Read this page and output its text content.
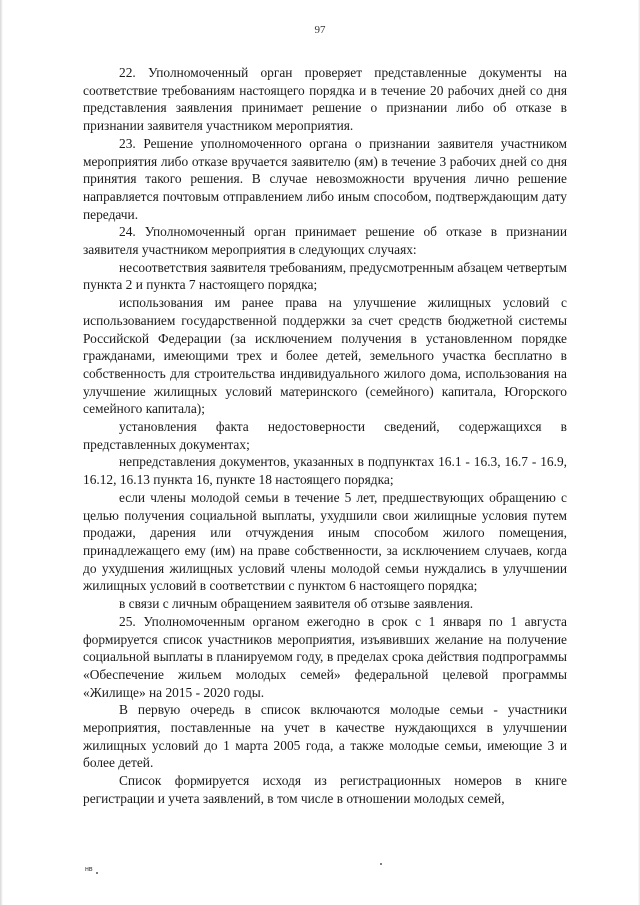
97

22. Уполномоченный орган проверяет представленные документы на соответствие требованиям настоящего порядка и в течение 20 рабочих дней со дня представления заявления принимает решение о признании либо об отказе в признании заявителя участником мероприятия.

23. Решение уполномоченного органа о признании заявителя участником мероприятия либо отказе вручается заявителю (ям) в течение 3 рабочих дней со дня принятия такого решения. В случае невозможности вручения лично решение направляется почтовым отправлением либо иным способом, подтверждающим дату передачи.

24. Уполномоченный орган принимает решение об отказе в признании заявителя участником мероприятия в следующих случаях:

несоответствия заявителя требованиям, предусмотренным абзацем четвертым пункта 2 и пункта 7 настоящего порядка;

использования им ранее права на улучшение жилищных условий с использованием государственной поддержки за счет средств бюджетной системы Российской Федерации (за исключением получения в установленном порядке гражданами, имеющими трех и более детей, земельного участка бесплатно в собственность для строительства индивидуального жилого дома, использования на улучшение жилищных условий материнского (семейного) капитала, Югорского семейного капитала);

установления факта недостоверности сведений, содержащихся в представленных документах;

непредставления документов, указанных в подпунктах 16.1 - 16.3, 16.7 - 16.9, 16.12, 16.13 пункта 16, пункте 18 настоящего порядка;

если члены молодой семьи в течение 5 лет, предшествующих обращению с целью получения социальной выплаты, ухудшили свои жилищные условия путем продажи, дарения или отчуждения иным способом жилого помещения, принадлежащего ему (им) на праве собственности, за исключением случаев, когда до ухудшения жилищных условий члены молодой семьи нуждались в улучшении жилищных условий в соответствии с пунктом 6 настоящего порядка;

в связи с личным обращением заявителя об отзыве заявления.

25. Уполномоченным органом ежегодно в срок с 1 января по 1 августа формируется список участников мероприятия, изъявивших желание на получение социальной выплаты в планируемом году, в пределах срока действия подпрограммы «Обеспечение жильем молодых семей» федеральной целевой программы «Жилище» на 2015 - 2020 годы.

В первую очередь в список включаются молодые семьи - участники мероприятия, поставленные на учет в качестве нуждающихся в улучшении жилищных условий до 1 марта 2005 года, а также молодые семьи, имеющие 3 и более детей.

Список формируется исходя из регистрационных номеров в книге регистрации и учета заявлений, в том числе в отношении молодых семей,

нв
